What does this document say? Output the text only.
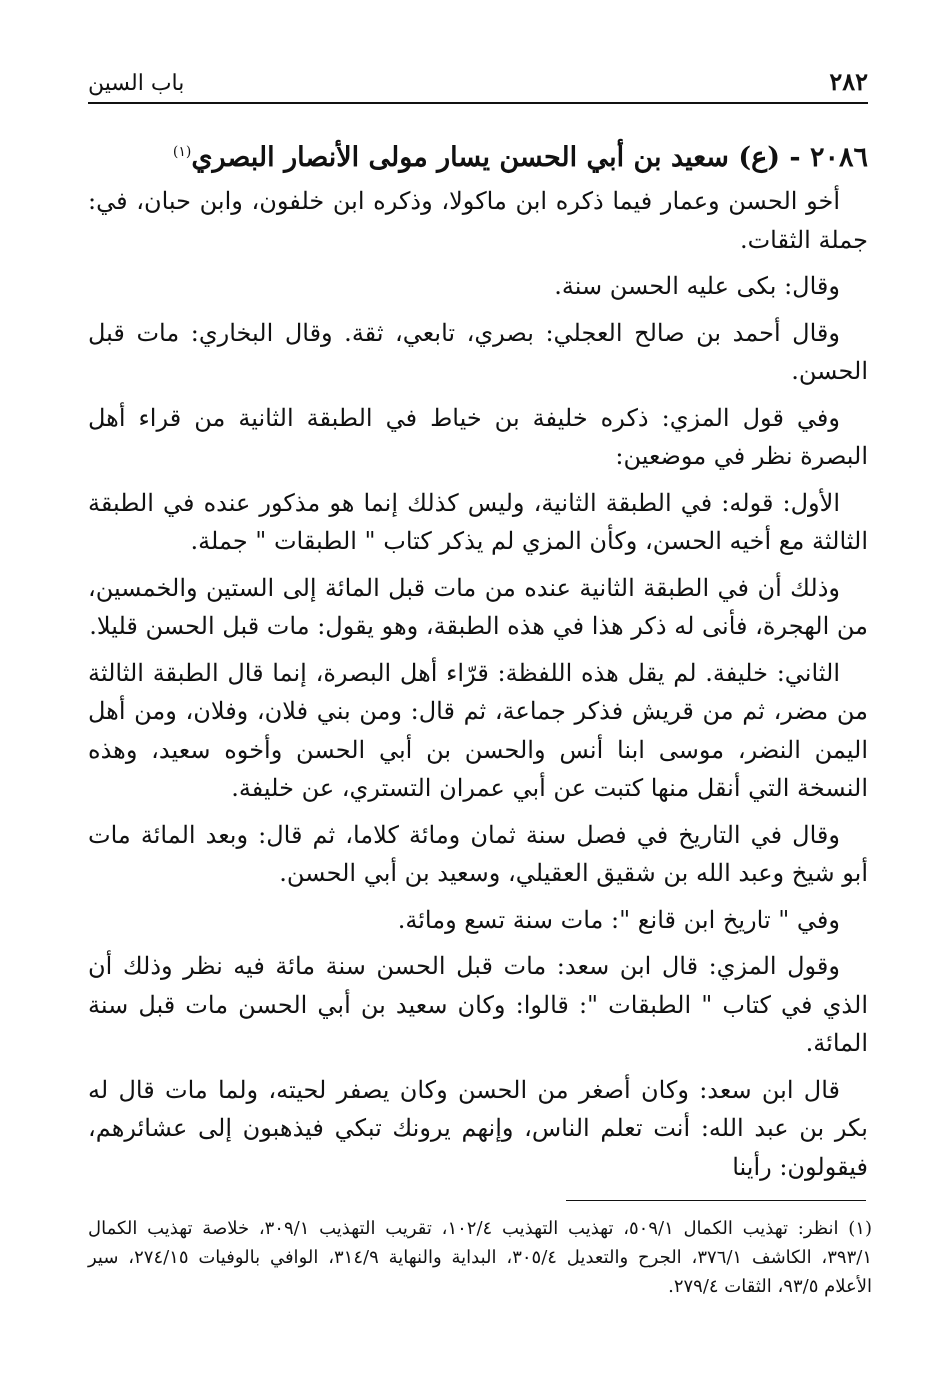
٢٨٢
باب السين

٢٠٨٦ - (ع) سعيد بن أبي الحسن يسار مولى الأنصار البصري$^{(١)}$

أخو الحسن وعمار فيما ذكره ابن ماكولا، وذكره ابن خلفون، وابن حبان، في: جملة الثقات.

وقال: بكى عليه الحسن سنة.

وقال أحمد بن صالح العجلي: بصري، تابعي، ثقة. وقال البخاري: مات قبل الحسن.

وفي قول المزي: ذكره خليفة بن خياط في الطبقة الثانية من قراء أهل البصرة نظر في موضعين:

الأول: قوله: في الطبقة الثانية، وليس كذلك إنما هو مذكور عنده في الطبقة الثالثة مع أخيه الحسن، وكأن المزي لم يذكر كتاب " الطبقات " جملة.

وذلك أن في الطبقة الثانية عنده من مات قبل المائة إلى الستين والخمسين، من الهجرة، فأنى له ذكر هذا في هذه الطبقة، وهو يقول: مات قبل الحسن قليلا.

الثاني: خليفة. لم يقل هذه اللفظة: قرّاء أهل البصرة، إنما قال الطبقة الثالثة من مضر، ثم من قريش فذكر جماعة، ثم قال: ومن بني فلان، وفلان، ومن أهل اليمن النضر، موسى ابنا أنس والحسن بن أبي الحسن وأخوه سعيد، وهذه النسخة التي أنقل منها كتبت عن أبي عمران التستري، عن خليفة.

وقال في التاريخ في فصل سنة ثمان ومائة كلاما، ثم قال: وبعد المائة مات أبو شيخ وعبد الله بن شقيق العقيلي، وسعيد بن أبي الحسن.

وفي " تاريخ ابن قانع ": مات سنة تسع ومائة.

وقول المزي: قال ابن سعد: مات قبل الحسن سنة مائة فيه نظر وذلك أن الذي في كتاب " الطبقات ": قالوا: وكان سعيد بن أبي الحسن مات قبل سنة المائة.

قال ابن سعد: وكان أصغر من الحسن وكان يصفر لحيته، ولما مات قال له بكر بن عبد الله: أنت تعلم الناس، وإنهم يرونك تبكي فيذهبون إلى عشائرهم، فيقولون: رأينا

(١) انظر: تهذيب الكمال ٥٠٩/١، تهذيب التهذيب ١٠٢/٤، تقريب التهذيب ٣٠٩/١، خلاصة تهذيب الكمال ٣٩٣/١، الكاشف ٣٧٦/١، الجرح والتعديل ٣٠٥/٤، البداية والنهاية ٣١٤/٩، الوافي بالوفيات ٢٧٤/١٥، سير الأعلام ٩٣/٥، الثقات ٢٧٩/٤.
